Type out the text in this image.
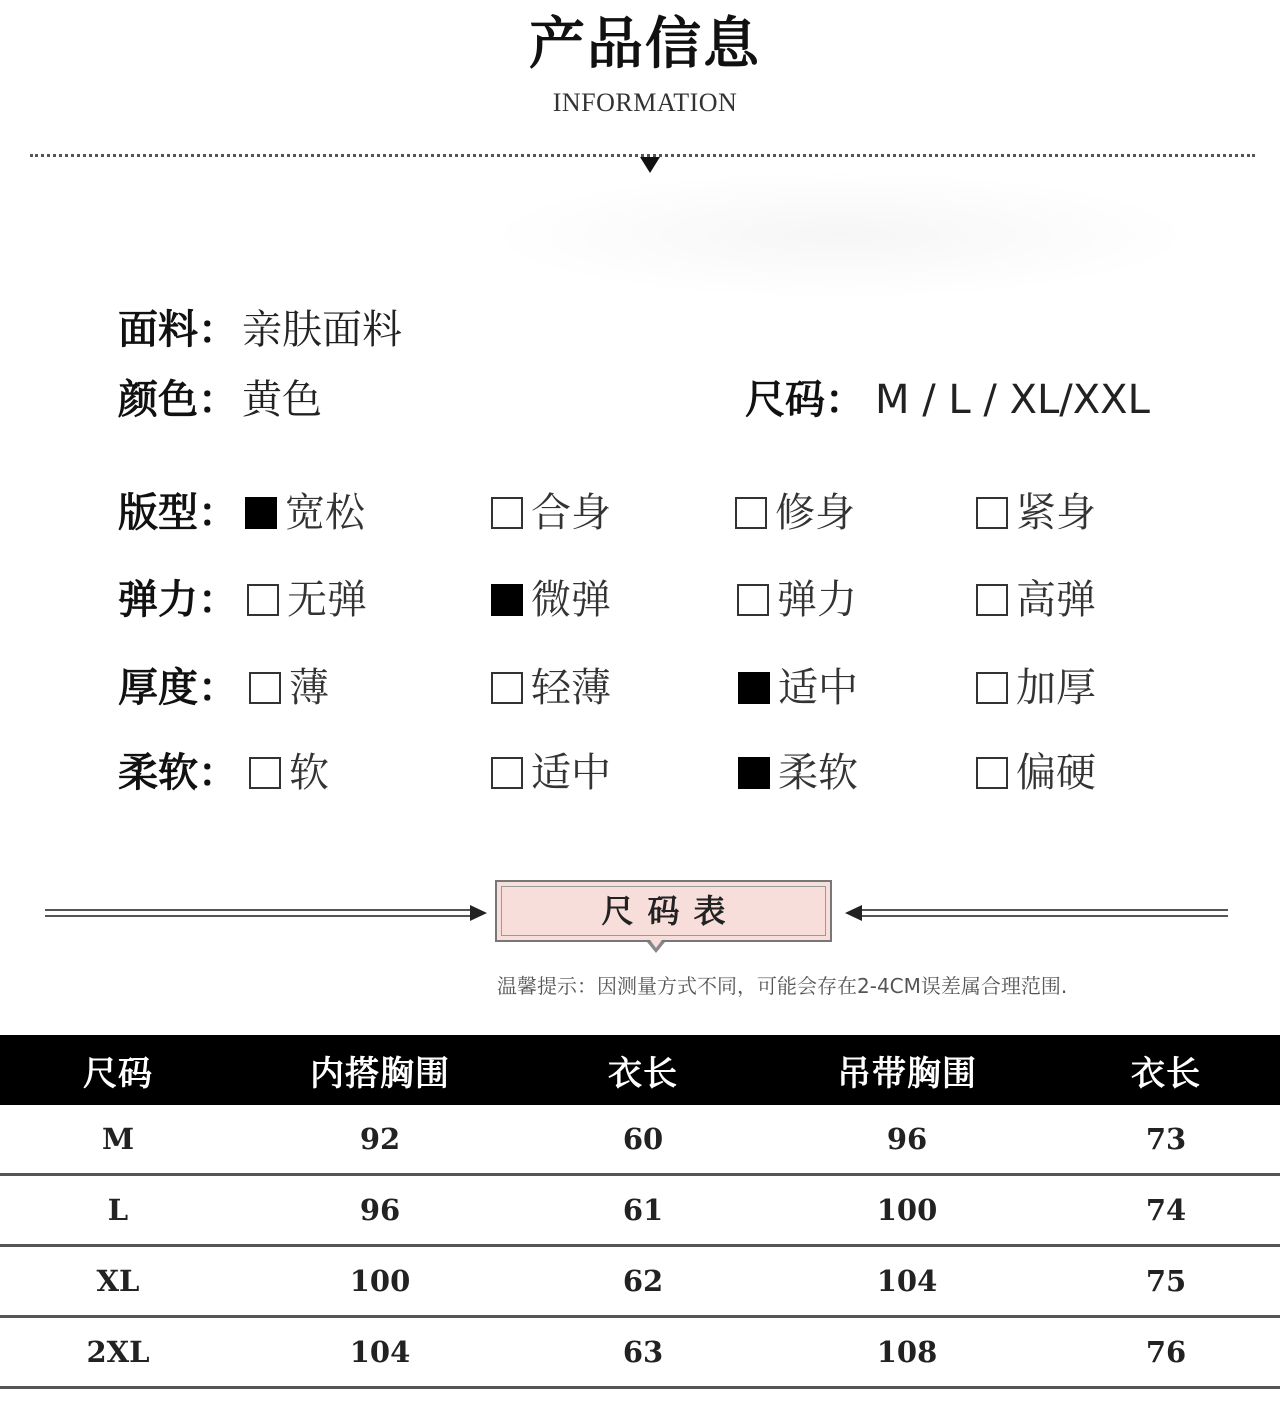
产品信息
INFORMATION
面料： 亲肤面料
颜色： 黄色	尺码： M / L / XL/XXL
版型： 宽松	合身	修身	紧身
弹力： 无弹	微弹	弹力	高弹
厚度： 薄	轻薄	适中	加厚
柔软： 软	适中	柔软	偏硬
尺码表
温馨提示：因测量方式不同，可能会存在2-4CM误差属合理范围.
尺码	内搭胸围	衣长	吊带胸围	衣长
M	92	60	96	73
L	96	61	100	74
XL	100	62	104	75
2XL	104	63	108	76
